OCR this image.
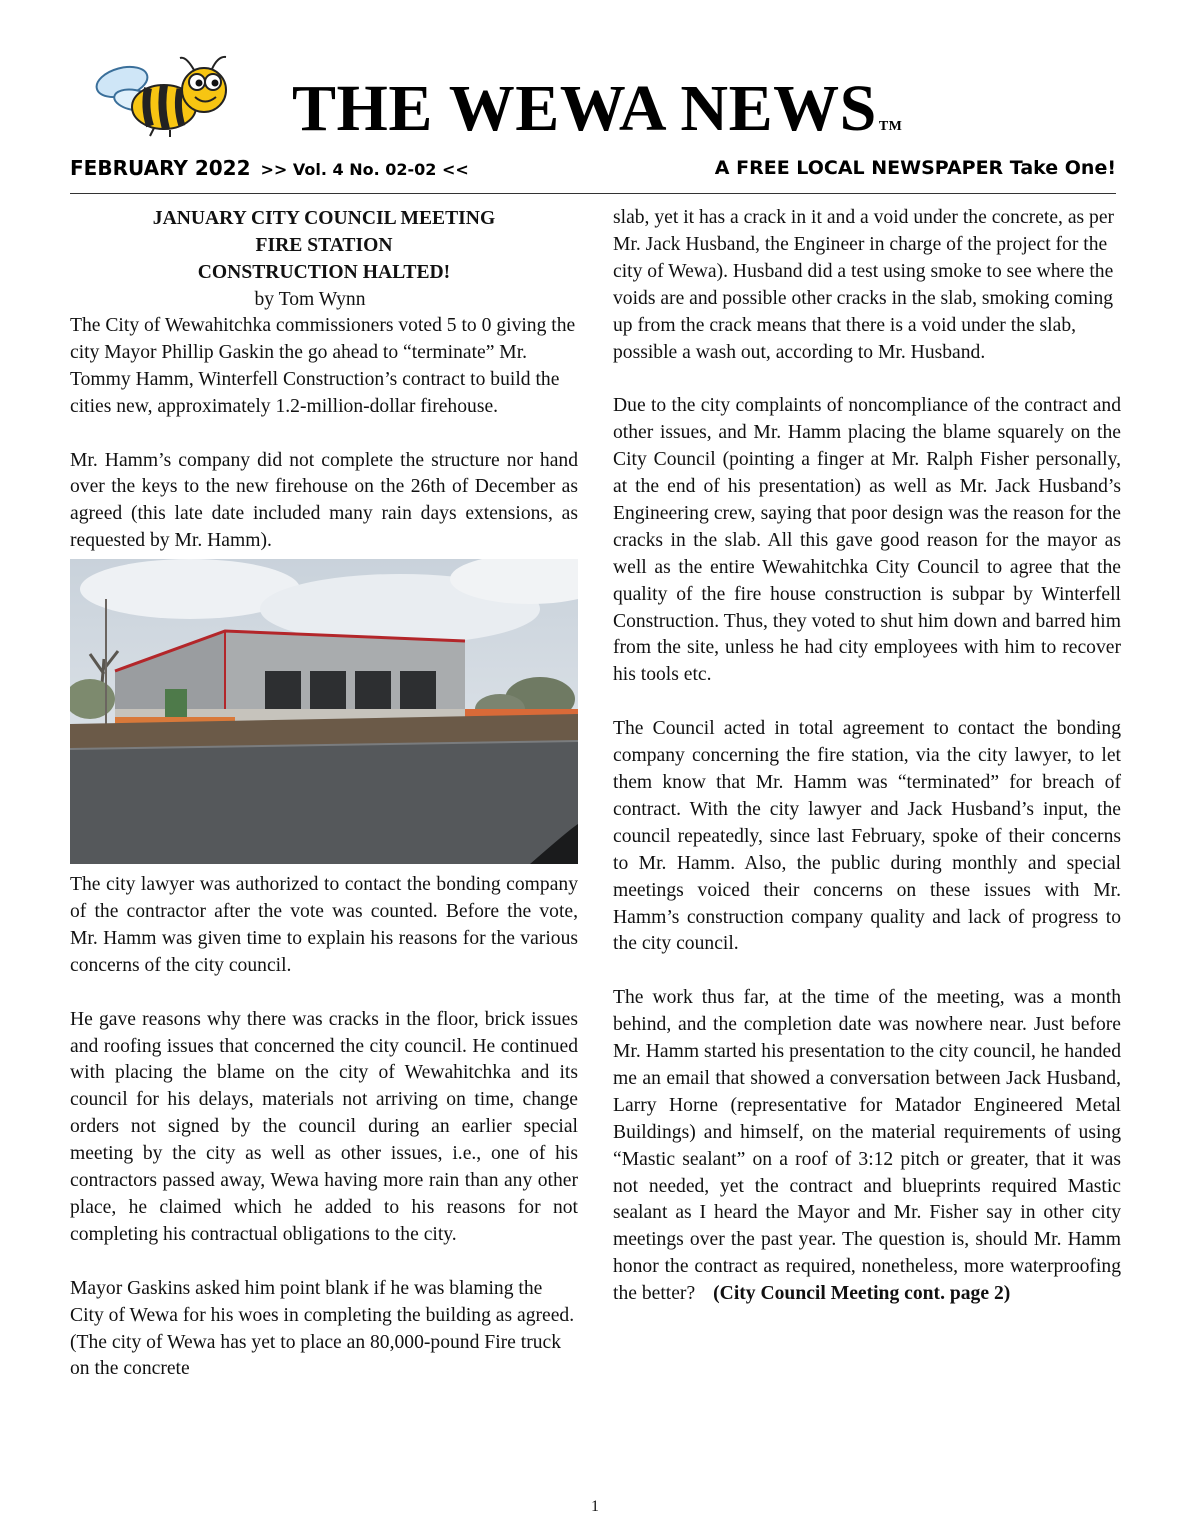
THE WEWA NEWS TM
FEBRUARY 2022 >> Vol. 4 No. 02-02 <<	A FREE LOCAL NEWSPAPER Take One!
JANUARY CITY COUNCIL MEETING
FIRE STATION
CONSTRUCTION HALTED!
by Tom Wynn

The City of Wewahitchka commissioners voted 5 to 0 giving the city Mayor Phillip Gaskin the go ahead to “terminate” Mr. Tommy Hamm, Winterfell Construction’s contract to build the cities new, approximately 1.2-million-dollar firehouse.

Mr. Hamm’s company did not complete the structure nor hand over the keys to the new firehouse on the 26th of December as agreed (this late date included many rain days extensions, as requested by Mr. Hamm).

The city lawyer was authorized to contact the bonding company of the contractor after the vote was counted. Before the vote, Mr. Hamm was given time to explain his reasons for the various concerns of the city council.

He gave reasons why there was cracks in the floor, brick issues and roofing issues that concerned the city council. He continued with placing the blame on the city of Wewahitchka and its council for his delays, materials not arriving on time, change orders not signed by the council during an earlier special meeting by the city as well as other issues, i.e., one of his contractors passed away, Wewa having more rain than any other place, he claimed which he added to his reasons for not completing his contractual obligations to the city.

Mayor Gaskins asked him point blank if he was blaming the City of Wewa for his woes in completing the building as agreed. (The city of Wewa has yet to place an 80,000-pound Fire truck on the concrete

slab, yet it has a crack in it and a void under the concrete, as per Mr. Jack Husband, the Engineer in charge of the project for the city of Wewa). Husband did a test using smoke to see where the voids are and possible other cracks in the slab, smoking coming up from the crack means that there is a void under the slab, possible a wash out, according to Mr. Husband.

Due to the city complaints of noncompliance of the contract and other issues, and Mr. Hamm placing the blame squarely on the City Council (pointing a finger at Mr. Ralph Fisher personally, at the end of his presentation) as well as Mr. Jack Husband’s Engineering crew, saying that poor design was the reason for the cracks in the slab. All this gave good reason for the mayor as well as the entire Wewahitchka City Council to agree that the quality of the fire house construction is subpar by Winterfell Construction. Thus, they voted to shut him down and barred him from the site, unless he had city employees with him to recover his tools etc.

The Council acted in total agreement to contact the bonding company concerning the fire station, via the city lawyer, to let them know that Mr. Hamm was “terminated” for breach of contract. With the city lawyer and Jack Husband’s input, the council repeatedly, since last February, spoke of their concerns to Mr. Hamm. Also, the public during monthly and special meetings voiced their concerns on these issues with Mr. Hamm’s construction company quality and lack of progress to the city council.

The work thus far, at the time of the meeting, was a month behind, and the completion date was nowhere near. Just before Mr. Hamm started his presentation to the city council, he handed me an email that showed a conversation between Jack Husband, Larry Horne (representative for Matador Engineered Metal Buildings) and himself, on the material requirements of using “Mastic sealant” on a roof of 3:12 pitch or greater, that it was not needed, yet the contract and blueprints required Mastic sealant as I heard the Mayor and Mr. Fisher say in other city meetings over the past year. The question is, should Mr. Hamm honor the contract as required, nonetheless, more waterproofing the better? (City Council Meeting cont. page 2)

1
